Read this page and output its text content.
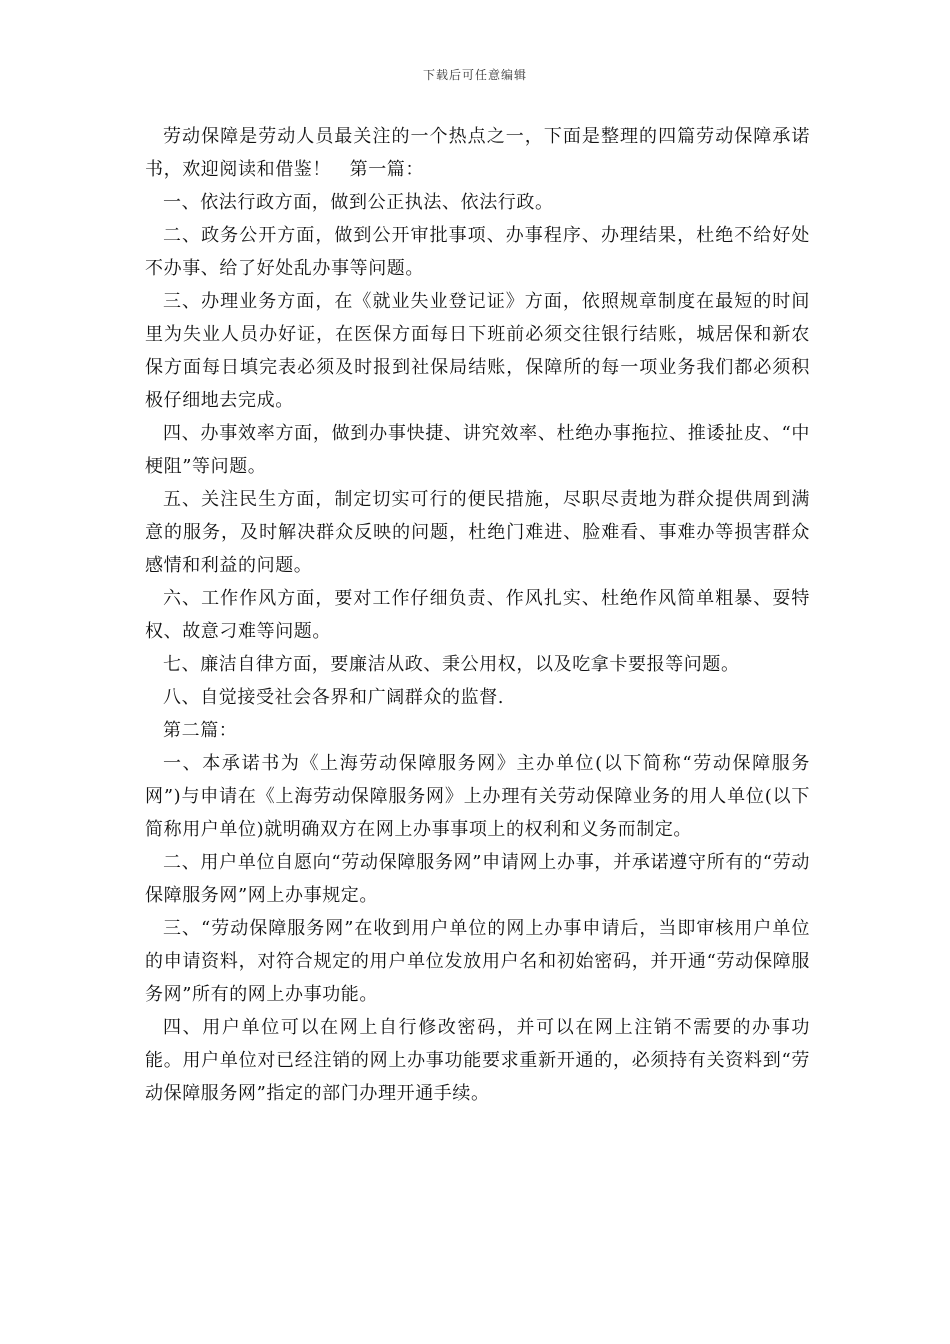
下载后可任意编辑

劳动保障是劳动人员最关注的一个热点之一，下面是整理的四篇劳动保障承诺书，欢迎阅读和借鉴！　第一篇：

一、依法行政方面，做到公正执法、依法行政。

二、政务公开方面，做到公开审批事项、办事程序、办理结果，杜绝不给好处不办事、给了好处乱办事等问题。

三、办理业务方面，在《就业失业登记证》方面，依照规章制度在最短的时间里为失业人员办好证，在医保方面每日下班前必须交往银行结账，城居保和新农保方面每日填完表必须及时报到社保局结账，保障所的每一项业务我们都必须积极仔细地去完成。

四、办事效率方面，做到办事快捷、讲究效率、杜绝办事拖拉、推诿扯皮、“中梗阻”等问题。

五、关注民生方面，制定切实可行的便民措施，尽职尽责地为群众提供周到满意的服务，及时解决群众反映的问题，杜绝门难进、脸难看、事难办等损害群众感情和利益的问题。

六、工作作风方面，要对工作仔细负责、作风扎实、杜绝作风简单粗暴、耍特权、故意刁难等问题。

七、廉洁自律方面，要廉洁从政、秉公用权，以及吃拿卡要报等问题。

八、自觉接受社会各界和广阔群众的监督.

第二篇：

一、本承诺书为《上海劳动保障服务网》主办单位(以下简称“劳动保障服务网”)与申请在《上海劳动保障服务网》上办理有关劳动保障业务的用人单位(以下简称用户单位)就明确双方在网上办事事项上的权利和义务而制定。

二、用户单位自愿向“劳动保障服务网”申请网上办事，并承诺遵守所有的“劳动保障服务网”网上办事规定。

三、“劳动保障服务网”在收到用户单位的网上办事申请后，当即审核用户单位的申请资料，对符合规定的用户单位发放用户名和初始密码，并开通“劳动保障服务网”所有的网上办事功能。

四、用户单位可以在网上自行修改密码，并可以在网上注销不需要的办事功能。用户单位对已经注销的网上办事功能要求重新开通的，必须持有关资料到“劳动保障服务网”指定的部门办理开通手续。
